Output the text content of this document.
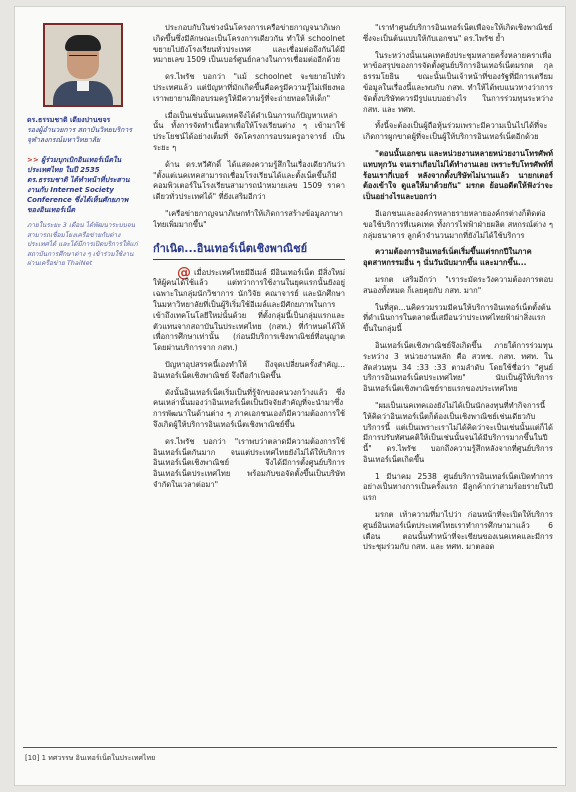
ดร.ธรรมชาติ เดียงปานขจร
รองผู้อำนวยการ สถาบันวิทยบริการ จุฬาลงกรณ์มหาวิทยาลัย
>> ผู้ร่วมบุกเบิกอินเทอร์เน็ตในประเทศไทย ในปี 2535 ดร.ธรรมชาติ ได้ทำหน้าที่ประสานงานกับ Internet Society Conference ซึ่งได้เห็นศักยภาพของอินเทอร์เน็ต
ภายในระยะ 3 เดือน ได้พัฒนาระบบจนสามารถเชื่อมโยงเครือข่ายกับต่างประเทศได้ และได้มีการเปิดบริการให้แก่สถาบันการศึกษาต่าง ๆ เข้าร่วมใช้งาน ผ่านเครือข่าย ThaiNet

ประกอบกับในช่วงนั้นโครงการเครือข่ายกาญจนาภิเษกเกิดขึ้นซึ่งมีลักษณะเป็นโครงการเดียวกัน ทำให้ schoolnet ขยายไปยังโรงเรียนทั่วประเทศ และเชื่อมต่อถึงกันได้มีหมายเลข 1509 เป็นเบอร์ศูนย์กลางในการเชื่อมต่ออีกด้วย

ดร.ไพรัช บอกว่า "แม้ schoolnet จะขยายไปทั่วประเทศแล้ว แต่ปัญหาที่มักเกิดขึ้นคือครูมีความรู้ไม่เพียงพอ เราพยายามฝึกอบรมครูให้มีความรู้ที่จะถ่ายทอดให้เด็ก"

เมื่อเป็นเช่นนั้นเนคเทคจึงได้ดำเนินการแก้ปัญหาเหล่านั้น ทั้งการจัดทำเนื้อหาเพื่อให้โรงเรียนต่าง ๆ เข้ามาใช้ประโยชน์ได้อย่างเต็มที่ จัดโครงการอบรมครูอาจารย์ เป็นระยะ ๆ

ด้าน ดร.ทวีศักดิ์ ได้แสดงความรู้สึกในเรื่องเดียวกันว่า "ตั้งแต่เนคเทคสามารถเชื่อมโรงเรียนได้และตั้งเน็ตขึ้นก็มีคอมพิวเตอร์ในโรงเรียนสามารถนำหมายเลข 1509 ราคาเดียวทั่วประเทศได้" ที่ยังเสริมอีกว่า

"เครือข่ายกาญจนาภิเษกทำให้เกิดการสร้างข้อมูลภาษาไทยเพิ่มมากขึ้น"

กำเนิด...อินเทอร์เน็ตเชิงพาณิชย์

@ เมื่อประเทศไทยมีอีเมล์ มีอินเทอร์เน็ต มีสิ่งใหม่ให้ผู้คนได้ใช้แล้ว แต่ทว่าการใช้งานในยุคแรกนั้นยังอยู่เฉพาะในกลุ่มนักวิชาการ นักวิจัย คณาจารย์ และนักศึกษาในมหาวิทยาลัยที่เป็นผู้ริเริ่มใช้อีเมล์และมีศักยภาพในการเข้าถึงเทคโนโลยีใหม่นั้นด้วย ที่ตั้งกลุ่มนี้เป็นกลุ่มแรกและตัวแทนจากสถาบันในประเทศไทย (กสท.) ที่กำหนดได้ให้เพื่อการศึกษาเท่านั้น (ก่อนมีบริการเชิงพาณิชย์ที่อนุญาตโดยผ่านบริการจาก กสท.)

ปัญหาอุปสรรคนี้เองทำให้ ถึงจุดเปลี่ยนครั้งสำคัญ... อินเทอร์เน็ตเชิงพาณิชย์ จึงถือกำเนิดขึ้น

ดังนั้นอินเทอร์เน็ตเริ่มเป็นที่รู้จักของคนวงกว้างแล้ว ซึ่งคนเหล่านั้นมองว่าอินเทอร์เน็ตเป็นปัจจัยสำคัญที่จะนำมาซึ่งการพัฒนาในด้านต่าง ๆ ภาคเอกชนเองก็มีความต้องการใช้ จึงเกิดผู้ให้บริการอินเทอร์เน็ตเชิงพาณิชย์ขึ้น

ดร.ไพรัช บอกว่า "เราพบว่าตลาดมีความต้องการใช้อินเทอร์เน็ตกันมาก จนแต่ประเทศไทยยังไม่ได้ให้บริการอินเทอร์เน็ตเชิงพาณิชย์ จึงได้มีการตั้งศูนย์บริการอินเทอร์เน็ตประเทศไทย พร้อมกับขอจัดตั้งขึ้นเป็นบริษัทจำกัดในเวลาต่อมา"

"เราทำศูนย์บริการอินเทอร์เน็ตเพื่อจะให้เกิดเชิงพาณิชย์ ซึ่งจะเป็นต้นแบบให้กับเอกชน" ดร.ไพรัช ย้ำ

ในระหว่างนั้นเนคเทคยังประชุมหลายครั้งหลายคราเพื่อหาข้อสรุปของการจัดตั้งศูนย์บริการอินเทอร์เน็ตมรกต กุลธรรมโยธิน ขณะนั้นเป็นเจ้าหน้าที่ของรัฐที่มีการเตรียมข้อมูลในเรื่องนี้และพบกับ กสท. ทำให้ได้พบแนวทางว่าการจัดตั้งบริษัทควรมีรูปแบบอย่างไร ในการร่วมทุนระหว่าง กสท. และ ทศท.

ทั้งนี้จะต้องเป็นผู้ถือหุ้นร่วมเพราะมีความเป็นไปได้ที่จะเกิดการผูกขาดผู้ที่จะเป็นผู้ให้บริการอินเทอร์เน็ตอีกด้วย

"ตอนนั้นเอกชน และหน่วยงานหลายหน่วยงานโทรศัพท์แทบทุกวัน จนเราเกือบไม่ได้ทำงานเลย เพราะรับโทรศัพท์ที่ร้อนเรากี่เบอร์ หลังจากตั้งบริษัทไม่นานแล้ว นายกเตอร์ต้องเข้าใจ ดูแลให้มาด้วยกัน" มรกต ย้อนอดีตให้ฟังว่าจะเป็นอย่างไรและบอกว่า

อีเอกชนและองค์กรหลายรายหลายองค์กรต่างก็ติดต่อขอใช้บริการที่เนคเทค ทั้งการไฟฟ้าฝ่ายผลิต สหกรณ์ต่าง ๆ กลุ่มธนาคาร ลูกค้าจำนวนมากที่ยังไม่ได้ใช้บริการ

ความต้องการอินเทอร์เน็ตเริ่มขึ้นแต่รกกปีในภาคอุตสาหกรรมอื่น ๆ นั่นวันนับมากขึ้น และมากขึ้น...

มรกต เสริมอีกว่า "เราระมัดระวังความต้องการตอบสนองทั้งหมด ก็เลยคุยกับ กสท. มาก"

ในที่สุด...นคิดรวมรวมมีคนให้บริการอินเทอร์เน็ตตั้งต้นที่ดำเนินการในตลาดนี้เสมือนว่าประเทศไทยฟ้าผ่าสิ่งแรกขึ้นในกลุ่มนี้

อินเทอร์เน็ตเชิงพาณิชย์จึงเกิดขึ้น ภายใต้การร่วมทุนระหว่าง 3 หน่วยงานหลัก คือ สวทช. กสท. ทศท. ในสัดส่วนทุน 34 :33 :33 ตามลำดับ โดยใช้ชื่อว่า "ศูนย์บริการอินเทอร์เน็ตประเทศไทย" นับเป็นผู้ให้บริการอินเทอร์เน็ตเชิงพาณิชย์รายแรกของประเทศไทย

"ผมเป็นเนคเทคเองยังไม่ได้เป็นนักลงทุนที่ทำกิจการนี้ ให้คิดว่าอินเทอร์เน็ตก็ต้องเป็นเชิงพาณิชย์เช่นเดียวกับบริการนี้ แต่เป็นเพราะเราไม่ได้คิดว่าจะเป็นเช่นนั้นแต่ก็ได้มีการปรับทัศนคติให้เป็นเช่นนั้นจนได้มีบริการมากขึ้นในปีนี้" ดร.ไพรัช บอกถึงความรู้สึกหลังจากที่ศูนย์บริการอินเทอร์เน็ตเกิดขึ้น

1 มีนาคม 2538 ศูนย์บริการอินเทอร์เน็ตเปิดทำการอย่างเป็นทางการเป็นครั้งแรก มีลูกค้ากว่าสามร้อยรายในปีแรก

มรกต เท้าความที่มาไปว่า ก่อนหน้าที่จะเปิดให้บริการศูนย์อินเทอร์เน็ตประเทศไทยเราทำการศึกษามาแล้ว 6 เดือน ตอนนั้นทำหน้าที่จะเขียนของเนคเทคและมีการประชุมร่วมกับ กสท. และ ทศท. มาตลอด

[10] 1 ทศวรรษ อินเทอร์เน็ตในประเทศไทย
